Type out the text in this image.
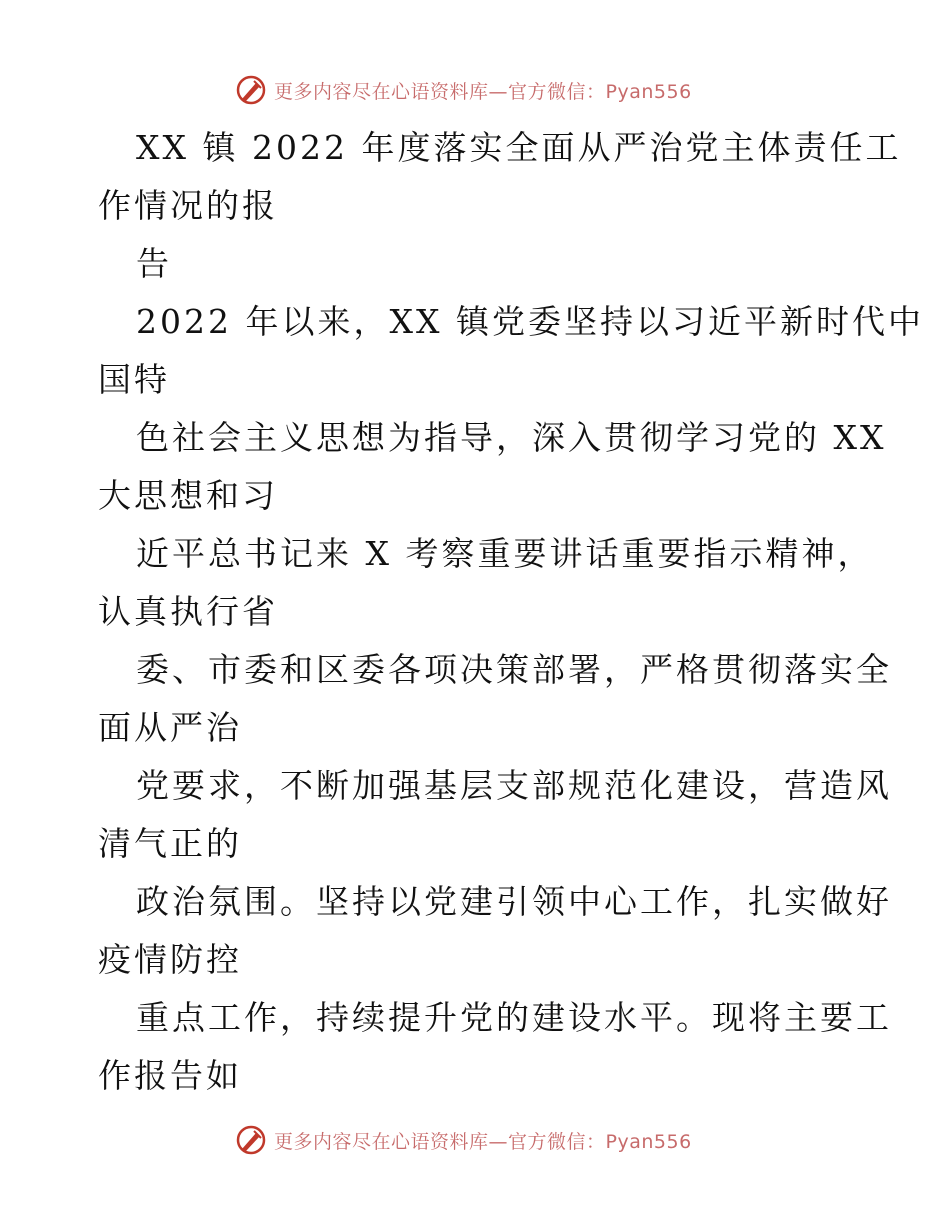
更多内容尽在心语资料库—官方微信：Pyan556
XX 镇 2022 年度落实全面从严治党主体责任工
作情况的报
告
2022 年以来，XX 镇党委坚持以习近平新时代中
国特
色社会主义思想为指导，深入贯彻学习党的 XX
大思想和习
近平总书记来 X 考察重要讲话重要指示精神，
认真执行省
委、市委和区委各项决策部署，严格贯彻落实全
面从严治
党要求，不断加强基层支部规范化建设，营造风
清气正的
政治氛围。坚持以党建引领中心工作，扎实做好
疫情防控
重点工作，持续提升党的建设水平。现将主要工
作报告如
更多内容尽在心语资料库—官方微信：Pyan556
